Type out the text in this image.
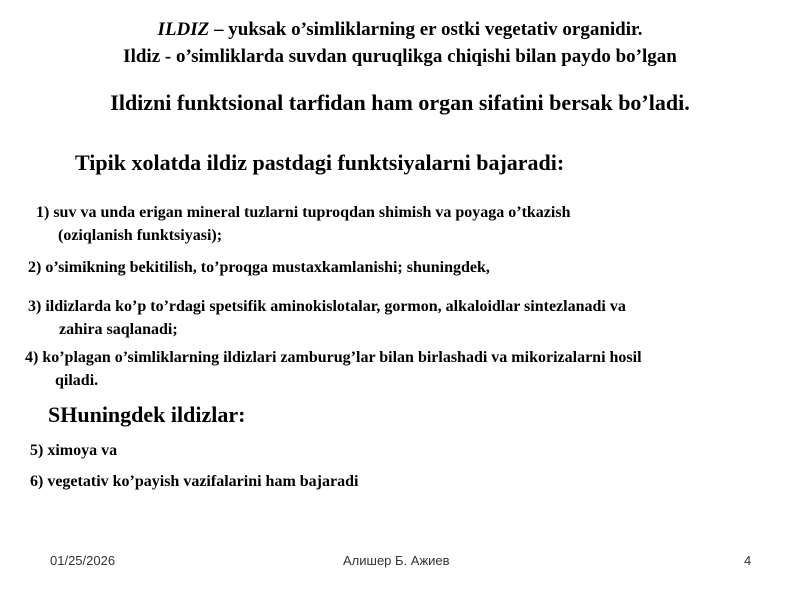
ILDIZ – yuksak o’simliklarning er ostki vegetativ organidir.
Ildiz - o’simliklarda suvdan quruqlikga chiqishi bilan paydo bo’lgan
Ildizni funktsional tarfidan ham organ sifatini bersak bo’ladi.
Tipik xolatda ildiz pastdagi funktsiyalarni bajaradi:
1) suv va unda erigan mineral tuzlarni tuproqdan shimish va poyaga o’tkazish
(oziqlanish funktsiyasi);
2) o’simikning bekitilish, to’proqga mustaxkamlanishi; shuningdek,
3) ildizlarda ko’p to’rdagi spetsifik aminokislotalar, gormon, alkaloidlar sintezlanadi va
zahira saqlanadi;
4) ko’plagan o’simliklarning ildizlari zamburug’lar bilan birlashadi va mikorizalarni hosil
qiladi.
SHuningdek ildizlar:
5) ximoya va
6) vegetativ ko’payish vazifalarini ham bajaradi
01/25/2026	Алишер Б. Ажиев	4
